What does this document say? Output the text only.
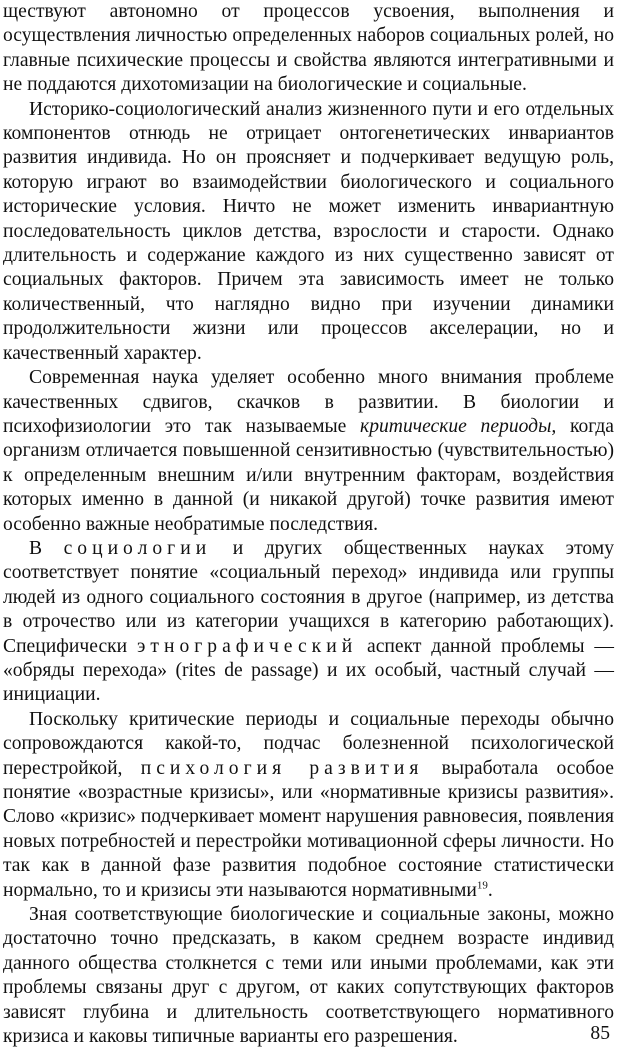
ществуют автономно от процессов усвоения, выполнения и осуществления личностью определенных наборов социальных ролей, но главные психические процессы и свойства являются интегративными и не поддаются дихотомизации на биологические и социальные.

Историко-социологический анализ жизненного пути и его отдельных компонентов отнюдь не отрицает онтогенетических инвариантов развития индивида. Но он проясняет и подчеркивает ведущую роль, которую играют во взаимодействии биологического и социального исторические условия. Ничто не может изменить инвариантную последовательность циклов детства, взрослости и старости. Однако длительность и содержание каждого из них существенно зависят от социальных факторов. Причем эта зависимость имеет не только количественный, что наглядно видно при изучении динамики продолжительности жизни или процессов акселерации, но и качественный характер.

Современная наука уделяет особенно много внимания проблеме качественных сдвигов, скачков в развитии. В биологии и психофизиологии это так называемые критические периоды, когда организм отличается повышенной сензитивностью (чувствительностью) к определенным внешним и/или внутренним факторам, воздействия которых именно в данной (и никакой другой) точке развития имеют особенно важные необратимые последствия.

В социологии и других общественных науках этому соответствует понятие «социальный переход» индивида или группы людей из одного социального состояния в другое (например, из детства в отрочество или из категории учащихся в категорию работающих). Специфически этнографический аспект данной проблемы — «обряды перехода» (rites de passage) и их особый, частный случай — инициации.

Поскольку критические периоды и социальные переходы обычно сопровождаются какой-то, подчас болезненной психологической перестройкой, психология развития выработала особое понятие «возрастные кризисы», или «нормативные кризисы развития». Слово «кризис» подчеркивает момент нарушения равновесия, появления новых потребностей и перестройки мотивационной сферы личности. Но так как в данной фазе развития подобное состояние статистически нормально, то и кризисы эти называются нормативными$^{19}$.

Зная соответствующие биологические и социальные законы, можно достаточно точно предсказать, в каком среднем возрасте индивид данного общества столкнется с теми или иными проблемами, как эти проблемы связаны друг с другом, от каких сопутствующих факторов зависят глубина и длительность соответствующего нормативного кризиса и каковы типичные варианты его разрешения.	85
